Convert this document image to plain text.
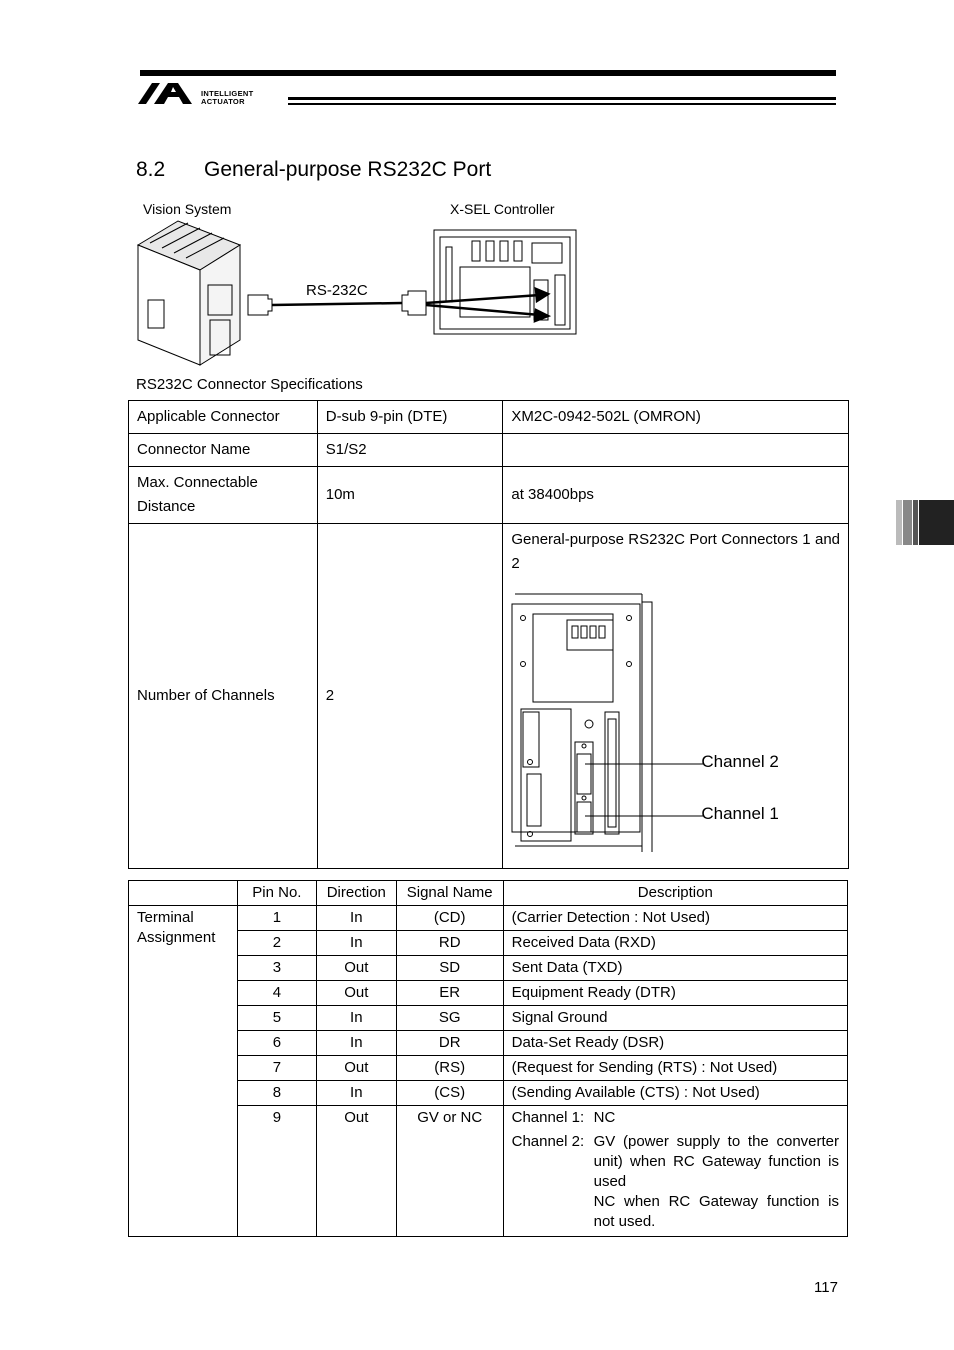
INTELLIGENT
ACTUATOR
8.2 General-purpose RS232C Port
Vision System	X-SEL Controller
RS-232C
RS232C Connector Specifications
Applicable Connector	D-sub 9-pin (DTE)	XM2C-0942-502L (OMRON)
Connector Name	S1/S2	
Max. Connectable Distance	10m	at 38400bps
Number of Channels	2	General-purpose RS232C Port Connectors 1 and 2
Channel 2
Channel 1
	Pin No.	Direction	Signal Name	Description
Terminal Assignment	1	In	(CD)	(Carrier Detection : Not Used)
	2	In	RD	Received Data (RXD)
	3	Out	SD	Sent Data (TXD)
	4	Out	ER	Equipment Ready (DTR)
	5	In	SG	Signal Ground
	6	In	DR	Data-Set Ready (DSR)
	7	Out	(RS)	(Request for Sending (RTS) : Not Used)
	8	In	(CS)	(Sending Available (CTS) : Not Used)
	9	Out	GV or NC	Channel 1: NC
Channel 2: GV (power supply to the converter unit) when RC Gateway function is used
NC when RC Gateway function is not used.
117
